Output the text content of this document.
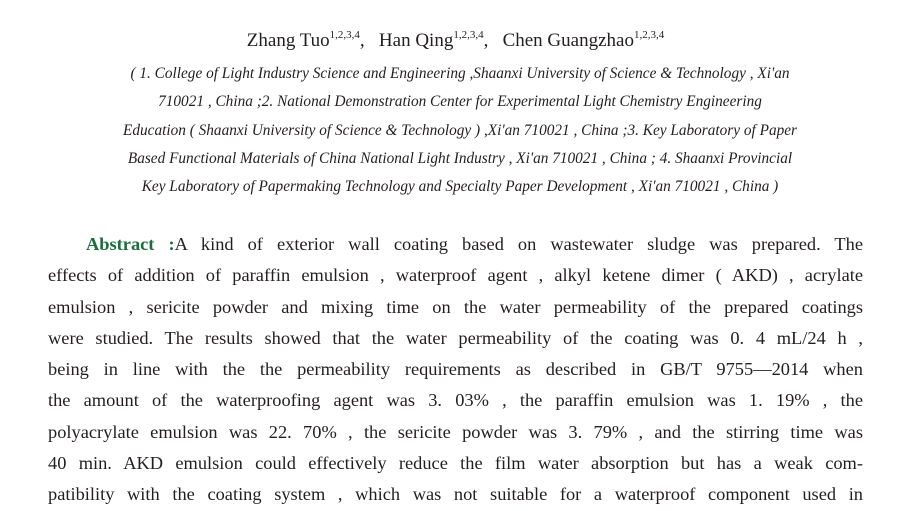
Zhang Tuo$^{1,2,3,4}$, Han Qing$^{1,2,3,4}$, Chen Guangzhao$^{1,2,3,4}$
( 1. College of Light Industry Science and Engineering ,Shaanxi University of Science & Technology , Xi'an
710021 , China ;2. National Demonstration Center for Experimental Light Chemistry Engineering
Education ( Shaanxi University of Science & Technology ) ,Xi'an 710021 , China ;3. Key Laboratory of Paper
Based Functional Materials of China National Light Industry , Xi'an 710021 , China ; 4. Shaanxi Provincial
Key Laboratory of Papermaking Technology and Specialty Paper Development , Xi'an 710021 , China )
Abstract :A kind of exterior wall coating based on wastewater sludge was prepared. The
effects of addition of paraffin emulsion , waterproof agent , alkyl ketene dimer ( AKD) , acrylate
emulsion , sericite powder and mixing time on the water permeability of the prepared coatings
were studied. The results showed that the water permeability of the coating was 0. 4 mL/24 h ,
being in line with the the permeability requirements as described in GB/T 9755—2014 when
the amount of the waterproofing agent was 3. 03% , the paraffin emulsion was 1. 19% , the
polyacrylate emulsion was 22. 70% , the sericite powder was 3. 79% , and the stirring time was
40 min. AKD emulsion could effectively reduce the film water absorption but has a weak com-
patibility with the coating system , which was not suitable for a waterproof component used in
